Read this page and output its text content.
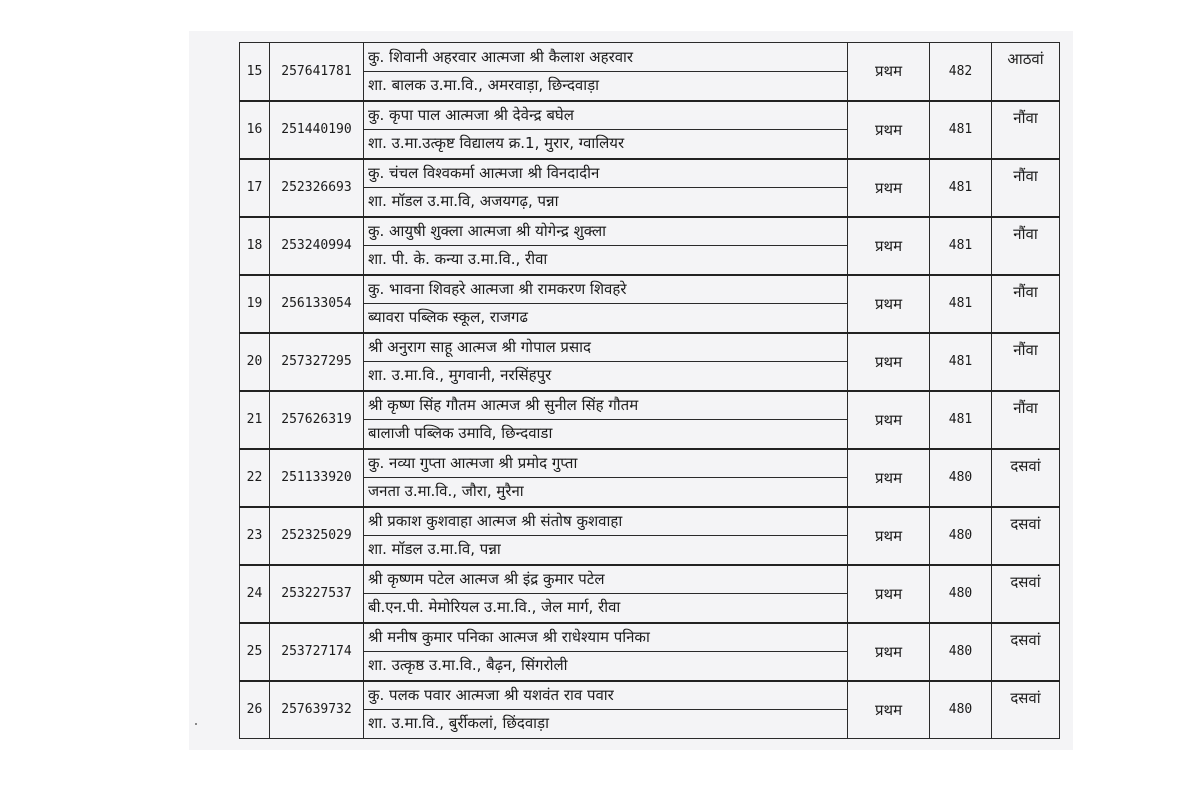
15	257641781	कु. शिवानी अहरवार आत्मजा श्री कैलाश अहरवार
शा. बालक उ.मा.वि., अमरवाड़ा, छिन्दवाड़ा	प्रथम	482	आठवां
16	251440190	कु. कृपा पाल आत्मजा श्री देवेन्द्र बघेल
शा. उ.मा.उत्कृष्ट विद्यालय क्र.1, मुरार, ग्वालियर	प्रथम	481	नौंवा
17	252326693	कु. चंचल विश्वकर्मा आत्मजा श्री विनदादीन
शा. मॉडल उ.मा.वि, अजयगढ़, पन्ना	प्रथम	481	नौंवा
18	253240994	कु. आयुषी शुक्ला आत्मजा श्री योगेन्द्र शुक्ला
शा. पी. के. कन्या उ.मा.वि., रीवा	प्रथम	481	नौंवा
19	256133054	कु. भावना शिवहरे आत्मजा श्री रामकरण शिवहरे
ब्यावरा पब्लिक स्कूल, राजगढ	प्रथम	481	नौंवा
20	257327295	श्री अनुराग साहू आत्मज श्री गोपाल प्रसाद
शा. उ.मा.वि., मुगवानी, नरसिंहपुर	प्रथम	481	नौंवा
21	257626319	श्री कृष्ण सिंह गौतम आत्मज श्री सुनील सिंह गौतम
बालाजी पब्लिक उमावि, छिन्दवाडा	प्रथम	481	नौंवा
22	251133920	कु. नव्या गुप्ता आत्मजा श्री प्रमोद गुप्ता
जनता उ.मा.वि., जौरा, मुरैना	प्रथम	480	दसवां
23	252325029	श्री प्रकाश कुशवाहा आत्मज श्री संतोष कुशवाहा
शा. मॉडल उ.मा.वि, पन्ना	प्रथम	480	दसवां
24	253227537	श्री कृष्णम पटेल आत्मज श्री इंद्र कुमार पटेल
बी.एन.पी. मेमोरियल उ.मा.वि., जेल मार्ग, रीवा	प्रथम	480	दसवां
25	253727174	श्री मनीष कुमार पनिका आत्मज श्री राधेश्याम पनिका
शा. उत्कृष्ठ उ.मा.वि., बैढ़न, सिंगरोली	प्रथम	480	दसवां
26	257639732	कु. पलक पवार आत्मजा श्री यशवंत राव पवार
शा. उ.मा.वि., बुर्रीकलां, छिंदवाड़ा	प्रथम	480	दसवां
